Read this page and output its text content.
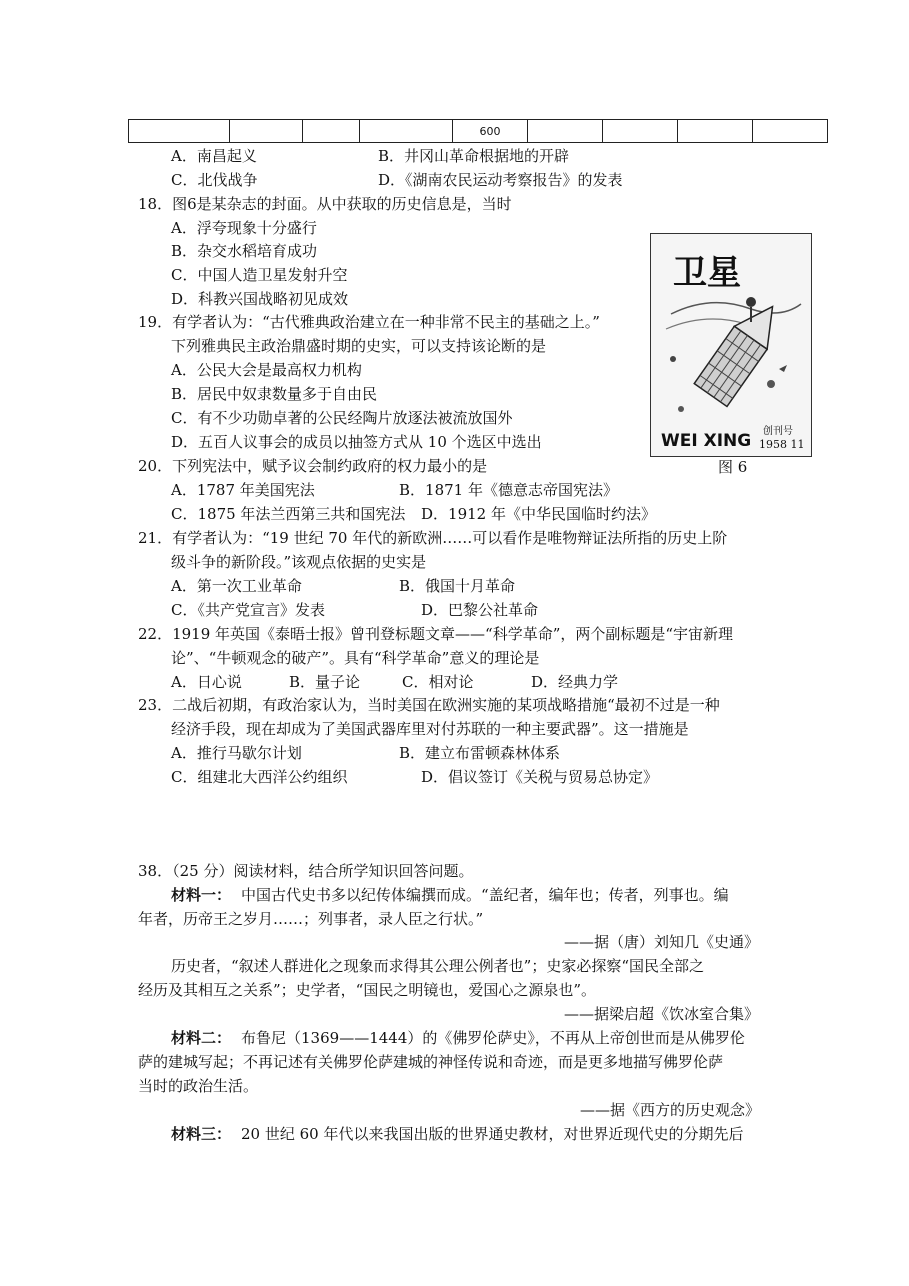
				600				
A．南昌起义	B．井冈山革命根据地的开辟
C．北伐战争	D．《湖南农民运动考察报告》的发表
18．图6是某杂志的封面。从中获取的历史信息是，当时
A．浮夸现象十分盛行
B．杂交水稻培育成功
C．中国人造卫星发射升空
D．科教兴国战略初见成效
卫星
WEI XING 创刊号
1958 11
图 6
19．有学者认为：“古代雅典政治建立在一种非常不民主的基础之上。”
下列雅典民主政治鼎盛时期的史实，可以支持该论断的是
A．公民大会是最高权力机构
B．居民中奴隶数量多于自由民
C．有不少功勋卓著的公民经陶片放逐法被流放国外
D．五百人议事会的成员以抽签方式从 10 个选区中选出
20．下列宪法中，赋予议会制约政府的权力最小的是
A．1787 年美国宪法	B．1871 年《德意志帝国宪法》
C．1875 年法兰西第三共和国宪法 D．1912 年《中华民国临时约法》
21．有学者认为：“19 世纪 70 年代的新欧洲……可以看作是唯物辩证法所指的历史上阶
级斗争的新阶段。”该观点依据的史实是
A．第一次工业革命	B．俄国十月革命
C．《共产党宣言》发表	D．巴黎公社革命
22．1919 年英国《泰晤士报》曾刊登标题文章——“科学革命”，两个副标题是“宇宙新理
论”、“牛顿观念的破产”。具有“科学革命”意义的理论是
A．日心说	B．量子论	C．相对论	D．经典力学
23．二战后初期，有政治家认为，当时美国在欧洲实施的某项战略措施“最初不过是一种
经济手段，现在却成为了美国武器库里对付苏联的一种主要武器”。这一措施是
A．推行马歇尔计划	B．建立布雷顿森林体系
C．组建北大西洋公约组织	D．倡议签订《关税与贸易总协定》
38．（25 分）阅读材料，结合所学知识回答问题。
材料一： 中国古代史书多以纪传体编撰而成。“盖纪者，编年也；传者，列事也。编
年者，历帝王之岁月……；列事者，录人臣之行状。”
——据（唐）刘知几《史通》
历史者，“叙述人群进化之现象而求得其公理公例者也”；史家必探察“国民全部之
经历及其相互之关系”；史学者，“国民之明镜也，爱国心之源泉也”。
——据梁启超《饮冰室合集》
材料二： 布鲁尼（1369——1444）的《佛罗伦萨史》，不再从上帝创世而是从佛罗伦
萨的建城写起；不再记述有关佛罗伦萨建城的神怪传说和奇迹，而是更多地描写佛罗伦萨
当时的政治生活。
——据《西方的历史观念》
材料三： 20 世纪 60 年代以来我国出版的世界通史教材，对世界近现代史的分期先后
